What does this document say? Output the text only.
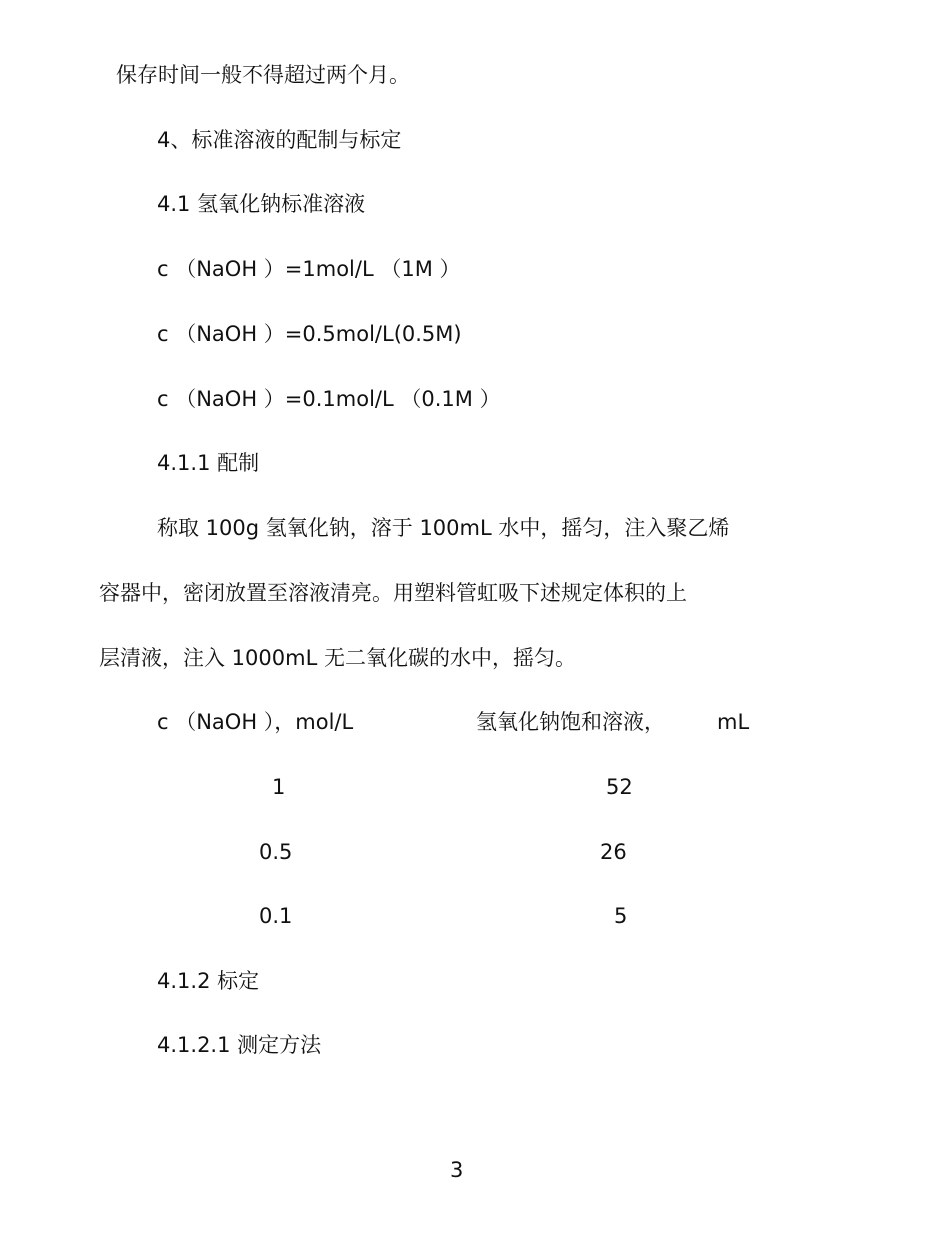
保存时间一般不得超过两个月。
4、标准溶液的配制与标定
4.1 氢氧化钠标准溶液
c （NaOH ）=1mol/L （1M ）
c （NaOH ）=0.5mol/L(0.5M)
c （NaOH ）=0.1mol/L （0.1M ）
4.1.1 配制
称取 100g 氢氧化钠，溶于 100mL 水中，摇匀，注入聚乙烯
容器中，密闭放置至溶液清亮。用塑料管虹吸下述规定体积的上
层清液，注入 1000mL 无二氧化碳的水中，摇匀。
c （NaOH ），mol/L	氢氧化钠饱和溶液， mL
1	52
0.5	26
0.1	5
4.1.2 标定
4.1.2.1 测定方法
3
